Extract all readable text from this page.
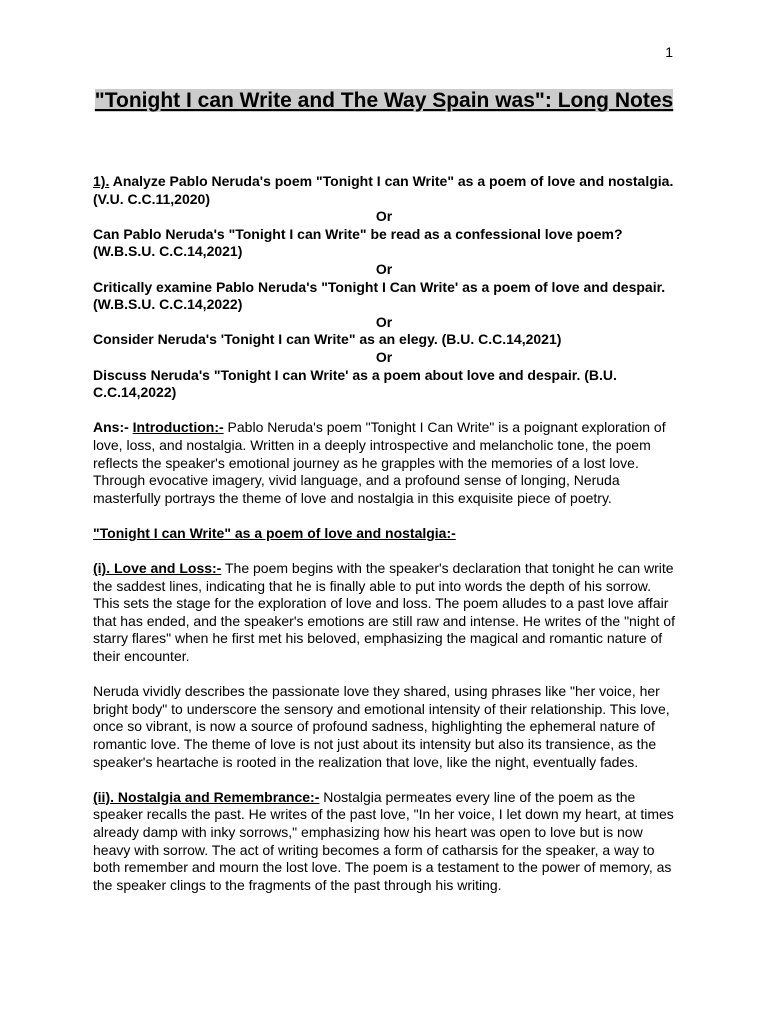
1
"Tonight I can Write and The Way Spain was": Long Notes

1). Analyze Pablo Neruda's poem "Tonight I can Write" as a poem of love and nostalgia. (V.U. C.C.11,2020)

Or

Can Pablo Neruda's "Tonight I can Write" be read as a confessional love poem? (W.B.S.U. C.C.14,2021)

Or

Critically examine Pablo Neruda's "Tonight I Can Write' as a poem of love and despair. (W.B.S.U. C.C.14,2022)

Or

Consider Neruda's 'Tonight I can Write" as an elegy. (B.U. C.C.14,2021)

Or

Discuss Neruda's "Tonight I can Write' as a poem about love and despair. (B.U. C.C.14,2022)

Ans:- Introduction:- Pablo Neruda's poem "Tonight I Can Write" is a poignant exploration of love, loss, and nostalgia. Written in a deeply introspective and melancholic tone, the poem reflects the speaker's emotional journey as he grapples with the memories of a lost love. Through evocative imagery, vivid language, and a profound sense of longing, Neruda masterfully portrays the theme of love and nostalgia in this exquisite piece of poetry.

"Tonight I can Write" as a poem of love and nostalgia:-

(i). Love and Loss:- The poem begins with the speaker's declaration that tonight he can write the saddest lines, indicating that he is finally able to put into words the depth of his sorrow. This sets the stage for the exploration of love and loss. The poem alludes to a past love affair that has ended, and the speaker's emotions are still raw and intense. He writes of the "night of starry flares" when he first met his beloved, emphasizing the magical and romantic nature of their encounter.

Neruda vividly describes the passionate love they shared, using phrases like "her voice, her bright body" to underscore the sensory and emotional intensity of their relationship. This love, once so vibrant, is now a source of profound sadness, highlighting the ephemeral nature of romantic love. The theme of love is not just about its intensity but also its transience, as the speaker's heartache is rooted in the realization that love, like the night, eventually fades.

(ii). Nostalgia and Remembrance:- Nostalgia permeates every line of the poem as the speaker recalls the past. He writes of the past love, "In her voice, I let down my heart, at times already damp with inky sorrows," emphasizing how his heart was open to love but is now heavy with sorrow. The act of writing becomes a form of catharsis for the speaker, a way to both remember and mourn the lost love. The poem is a testament to the power of memory, as the speaker clings to the fragments of the past through his writing.
